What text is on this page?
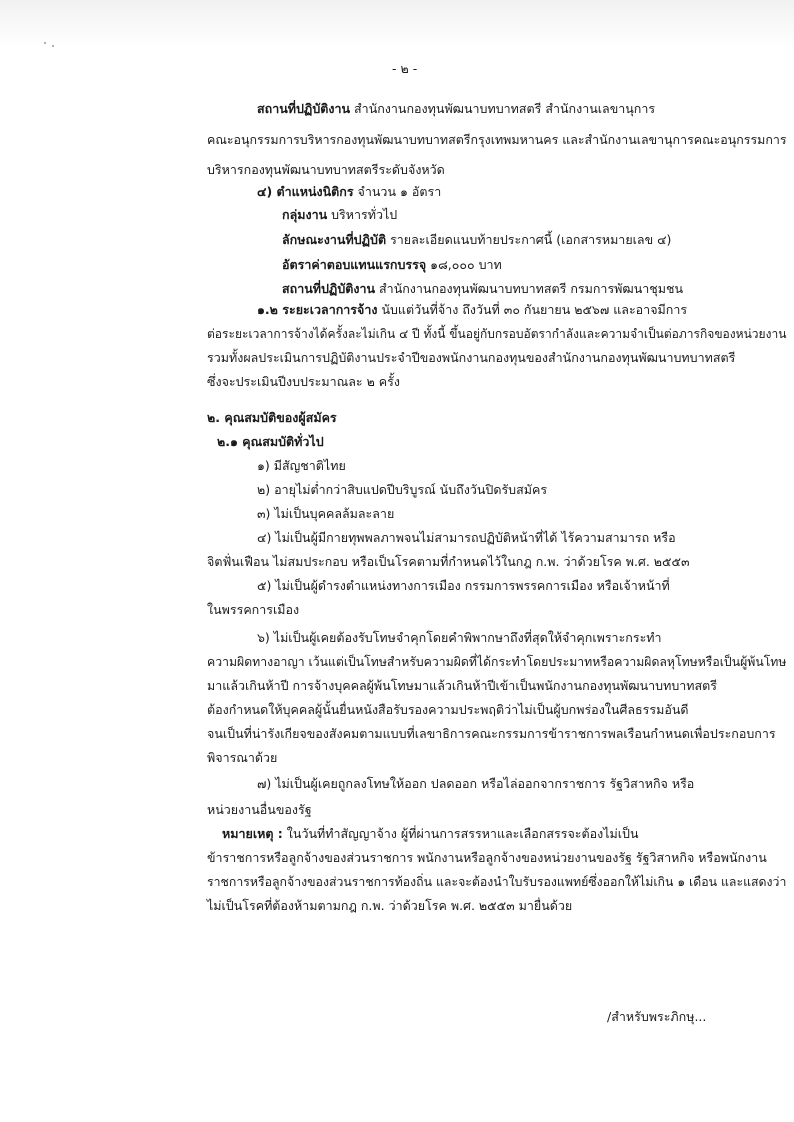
- ๒ -
สถานที่ปฏิบัติงาน สำนักงานกองทุนพัฒนาบทบาทสตรี สำนักงานเลขานุการ
คณะอนุกรรมการบริหารกองทุนพัฒนาบทบาทสตรีกรุงเทพมหานคร และสำนักงานเลขานุการคณะอนุกรรมการ
บริหารกองทุนพัฒนาบทบาทสตรีระดับจังหวัด
๔) ตำแหน่งนิติกร จำนวน ๑ อัตรา
กลุ่มงาน บริหารทั่วไป
ลักษณะงานที่ปฏิบัติ รายละเอียดแนบท้ายประกาศนี้ (เอกสารหมายเลข ๔)
อัตราค่าตอบแทนแรกบรรจุ ๑๘,๐๐๐ บาท
สถานที่ปฏิบัติงาน สำนักงานกองทุนพัฒนาบทบาทสตรี กรมการพัฒนาชุมชน
๑.๒ ระยะเวลาการจ้าง นับแต่วันที่จ้าง ถึงวันที่ ๓๐ กันยายน ๒๕๖๗ และอาจมีการ
ต่อระยะเวลาการจ้างได้ครั้งละไม่เกิน ๔ ปี ทั้งนี้ ขึ้นอยู่กับกรอบอัตรากำลังและความจำเป็นต่อภารกิจของหน่วยงาน
รวมทั้งผลประเมินการปฏิบัติงานประจำปีของพนักงานกองทุนของสำนักงานกองทุนพัฒนาบทบาทสตรี
ซึ่งจะประเมินปีงบประมาณละ ๒ ครั้ง
๒. คุณสมบัติของผู้สมัคร
๒.๑ คุณสมบัติทั่วไป
๑) มีสัญชาติไทย
๒) อายุไม่ต่ำกว่าสิบแปดปีบริบูรณ์ นับถึงวันปิดรับสมัคร
๓) ไม่เป็นบุคคลล้มละลาย
๔) ไม่เป็นผู้มีกายทุพพลภาพจนไม่สามารถปฏิบัติหน้าที่ได้ ไร้ความสามารถ หรือ
จิตฟั่นเฟือน ไม่สมประกอบ หรือเป็นโรคตามที่กำหนดไว้ในกฎ ก.พ. ว่าด้วยโรค พ.ศ. ๒๕๕๓
๕) ไม่เป็นผู้ดำรงตำแหน่งทางการเมือง กรรมการพรรคการเมือง หรือเจ้าหน้าที่
ในพรรคการเมือง
๖) ไม่เป็นผู้เคยต้องรับโทษจำคุกโดยคำพิพากษาถึงที่สุดให้จำคุกเพราะกระทำ
ความผิดทางอาญา เว้นแต่เป็นโทษสำหรับความผิดที่ได้กระทำโดยประมาทหรือความผิดลหุโทษหรือเป็นผู้พ้นโทษ
มาแล้วเกินห้าปี การจ้างบุคคลผู้พ้นโทษมาแล้วเกินห้าปีเข้าเป็นพนักงานกองทุนพัฒนาบทบาทสตรี
ต้องกำหนดให้บุคคลผู้นั้นยื่นหนังสือรับรองความประพฤติว่าไม่เป็นผู้บกพร่องในศีลธรรมอันดี
จนเป็นที่น่ารังเกียจของสังคมตามแบบที่เลขาธิการคณะกรรมการข้าราชการพลเรือนกำหนดเพื่อประกอบการ
พิจารณาด้วย
๗) ไม่เป็นผู้เคยถูกลงโทษให้ออก ปลดออก หรือไล่ออกจากราชการ รัฐวิสาหกิจ หรือ
หน่วยงานอื่นของรัฐ
หมายเหตุ : ในวันที่ทำสัญญาจ้าง ผู้ที่ผ่านการสรรหาและเลือกสรรจะต้องไม่เป็น
ข้าราชการหรือลูกจ้างของส่วนราชการ พนักงานหรือลูกจ้างของหน่วยงานของรัฐ รัฐวิสาหกิจ หรือพนักงาน
ราชการหรือลูกจ้างของส่วนราชการท้องถิ่น และจะต้องนำใบรับรองแพทย์ซึ่งออกให้ไม่เกิน ๑ เดือน และแสดงว่า
ไม่เป็นโรคที่ต้องห้ามตามกฎ ก.พ. ว่าด้วยโรค พ.ศ. ๒๕๕๓ มายื่นด้วย
/สำหรับพระภิกษุ...
